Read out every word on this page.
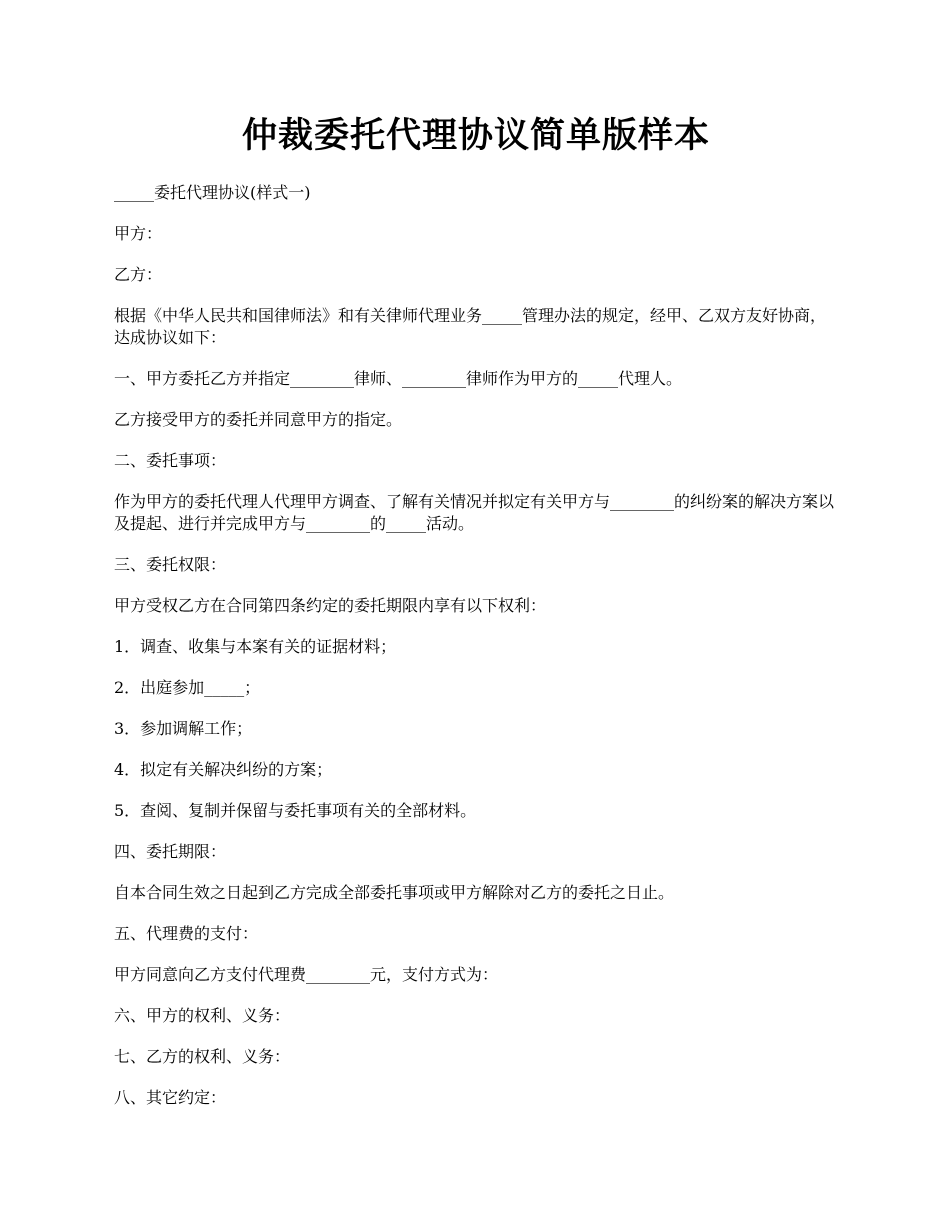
仲裁委托代理协议简单版样本

_____委托代理协议(样式一)

甲方：

乙方：

根据《中华人民共和国律师法》和有关律师代理业务_____管理办法的规定，经甲、乙双方友好协商，达成协议如下：

一、甲方委托乙方并指定________律师、________律师作为甲方的_____代理人。

乙方接受甲方的委托并同意甲方的指定。

二、委托事项：

作为甲方的委托代理人代理甲方调查、了解有关情况并拟定有关甲方与________的纠纷案的解决方案以及提起、进行并完成甲方与________的_____活动。

三、委托权限：

甲方受权乙方在合同第四条约定的委托期限内享有以下权利：

1．调查、收集与本案有关的证据材料；

2．出庭参加_____；

3．参加调解工作；

4．拟定有关解决纠纷的方案；

5．查阅、复制并保留与委托事项有关的全部材料。

四、委托期限：

自本合同生效之日起到乙方完成全部委托事项或甲方解除对乙方的委托之日止。

五、代理费的支付：

甲方同意向乙方支付代理费________元，支付方式为：

六、甲方的权利、义务：

七、乙方的权利、义务：

八、其它约定：
